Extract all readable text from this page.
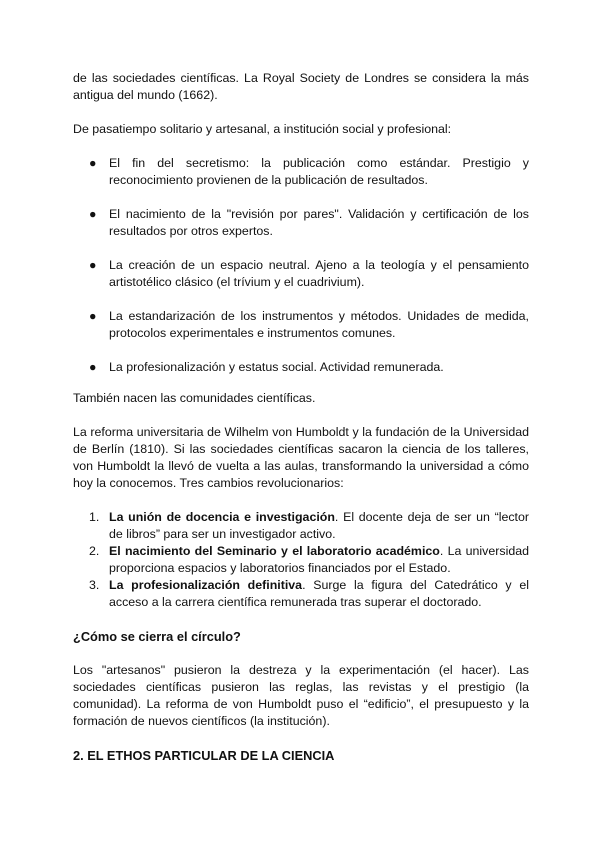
de las sociedades científicas. La Royal Society de Londres se considera la más antigua del mundo (1662).

De pasatiempo solitario y artesanal, a institución social y profesional:

● El fin del secretismo: la publicación como estándar. Prestigio y reconocimiento provienen de la publicación de resultados.
● El nacimiento de la "revisión por pares". Validación y certificación de los resultados por otros expertos.
● La creación de un espacio neutral. Ajeno a la teología y el pensamiento artistotélico clásico (el trívium y el cuadrivium).
● La estandarización de los instrumentos y métodos. Unidades de medida, protocolos experimentales e instrumentos comunes.
● La profesionalización y estatus social. Actividad remunerada.

También nacen las comunidades científicas.

La reforma universitaria de Wilhelm von Humboldt y la fundación de la Universidad de Berlín (1810). Si las sociedades científicas sacaron la ciencia de los talleres, von Humboldt la llevó de vuelta a las aulas, transformando la universidad a cómo hoy la conocemos. Tres cambios revolucionarios:

1. La unión de docencia e investigación. El docente deja de ser un “lector de libros” para ser un investigador activo.
2. El nacimiento del Seminario y el laboratorio académico. La universidad proporciona espacios y laboratorios financiados por el Estado.
3. La profesionalización definitiva. Surge la figura del Catedrático y el acceso a la carrera científica remunerada tras superar el doctorado.
¿Cómo se cierra el círculo?

Los "artesanos" pusieron la destreza y la experimentación (el hacer). Las sociedades científicas pusieron las reglas, las revistas y el prestigio (la comunidad). La reforma de von Humboldt puso el “edificio”, el presupuesto y la formación de nuevos científicos (la institución).

2. EL ETHOS PARTICULAR DE LA CIENCIA
